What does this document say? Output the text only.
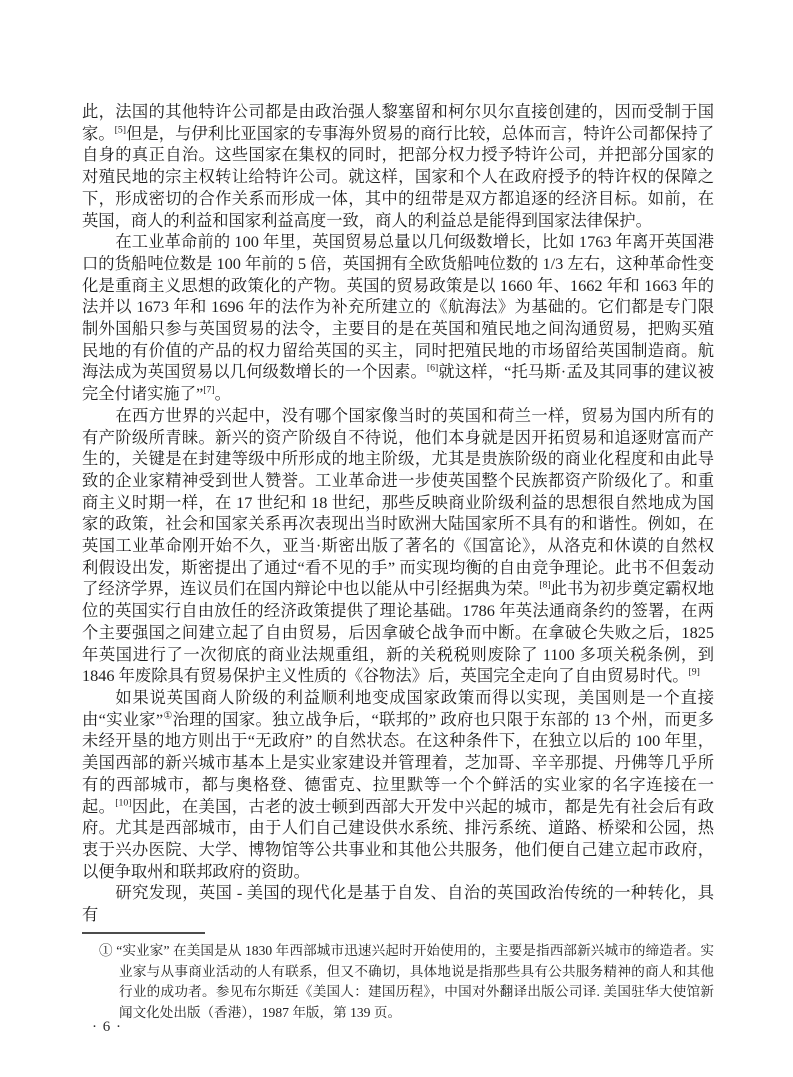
此，法国的其他特许公司都是由政治强人黎塞留和柯尔贝尔直接创建的，因而受制于国家。[5]但是，与伊利比亚国家的专事海外贸易的商行比较，总体而言，特许公司都保持了自身的真正自治。这些国家在集权的同时，把部分权力授予特许公司，并把部分国家的对殖民地的宗主权转让给特许公司。就这样，国家和个人在政府授予的特许权的保障之下，形成密切的合作关系而形成一体，其中的纽带是双方都追逐的经济目标。如前，在英国，商人的利益和国家利益高度一致，商人的利益总是能得到国家法律保护。

在工业革命前的 100 年里，英国贸易总量以几何级数增长，比如 1763 年离开英国港口的货船吨位数是 100 年前的 5 倍，英国拥有全欧货船吨位数的 1/3 左右，这种革命性变化是重商主义思想的政策化的产物。英国的贸易政策是以 1660 年、1662 年和 1663 年的法并以 1673 年和 1696 年的法作为补充所建立的《航海法》为基础的。它们都是专门限制外国船只参与英国贸易的法令，主要目的是在英国和殖民地之间沟通贸易，把购买殖民地的有价值的产品的权力留给英国的买主，同时把殖民地的市场留给英国制造商。航海法成为英国贸易以几何级数增长的一个因素。[6]就这样，“托马斯·孟及其同事的建议被完全付诸实施了”[7]。

在西方世界的兴起中，没有哪个国家像当时的英国和荷兰一样，贸易为国内所有的有产阶级所青睐。新兴的资产阶级自不待说，他们本身就是因开拓贸易和追逐财富而产生的，关键是在封建等级中所形成的地主阶级，尤其是贵族阶级的商业化程度和由此导致的企业家精神受到世人赞誉。工业革命进一步使英国整个民族都资产阶级化了。和重商主义时期一样，在 17 世纪和 18 世纪，那些反映商业阶级利益的思想很自然地成为国家的政策，社会和国家关系再次表现出当时欧洲大陆国家所不具有的和谐性。例如，在英国工业革命刚开始不久，亚当·斯密出版了著名的《国富论》，从洛克和休谟的自然权利假设出发，斯密提出了通过“看不见的手” 而实现均衡的自由竞争理论。此书不但轰动了经济学界，连议员们在国内辩论中也以能从中引经据典为荣。[8]此书为初步奠定霸权地位的英国实行自由放任的经济政策提供了理论基础。1786 年英法通商条约的签署，在两个主要强国之间建立起了自由贸易，后因拿破仑战争而中断。在拿破仑失败之后，1825 年英国进行了一次彻底的商业法规重组，新的关税税则废除了 1100 多项关税条例，到 1846 年废除具有贸易保护主义性质的《谷物法》后，英国完全走向了自由贸易时代。[9]

如果说英国商人阶级的利益顺利地变成国家政策而得以实现，美国则是一个直接由“实业家”①治理的国家。独立战争后，“联邦的” 政府也只限于东部的 13 个州，而更多未经开垦的地方则出于“无政府” 的自然状态。在这种条件下，在独立以后的 100 年里，美国西部的新兴城市基本上是实业家建设并管理着，芝加哥、辛辛那提、丹佛等几乎所有的西部城市，都与奥格登、德雷克、拉里默等一个个鲜活的实业家的名字连接在一起。[10]因此，在美国，古老的波士顿到西部大开发中兴起的城市，都是先有社会后有政府。尤其是西部城市，由于人们自己建设供水系统、排污系统、道路、桥梁和公园，热衷于兴办医院、大学、博物馆等公共事业和其他公共服务，他们便自己建立起市政府，以便争取州和联邦政府的资助。

研究发现，英国 - 美国的现代化是基于自发、自治的英国政治传统的一种转化，具有

① “实业家” 在美国是从 1830 年西部城市迅速兴起时开始使用的，主要是指西部新兴城市的缔造者。实业家与从事商业活动的人有联系，但又不确切，具体地说是指那些具有公共服务精神的商人和其他行业的成功者。参见布尔斯廷《美国人：建国历程》，中国对外翻译出版公司译. 美国驻华大使馆新闻文化处出版（香港），1987 年版，第 139 页。
· 6 ·
